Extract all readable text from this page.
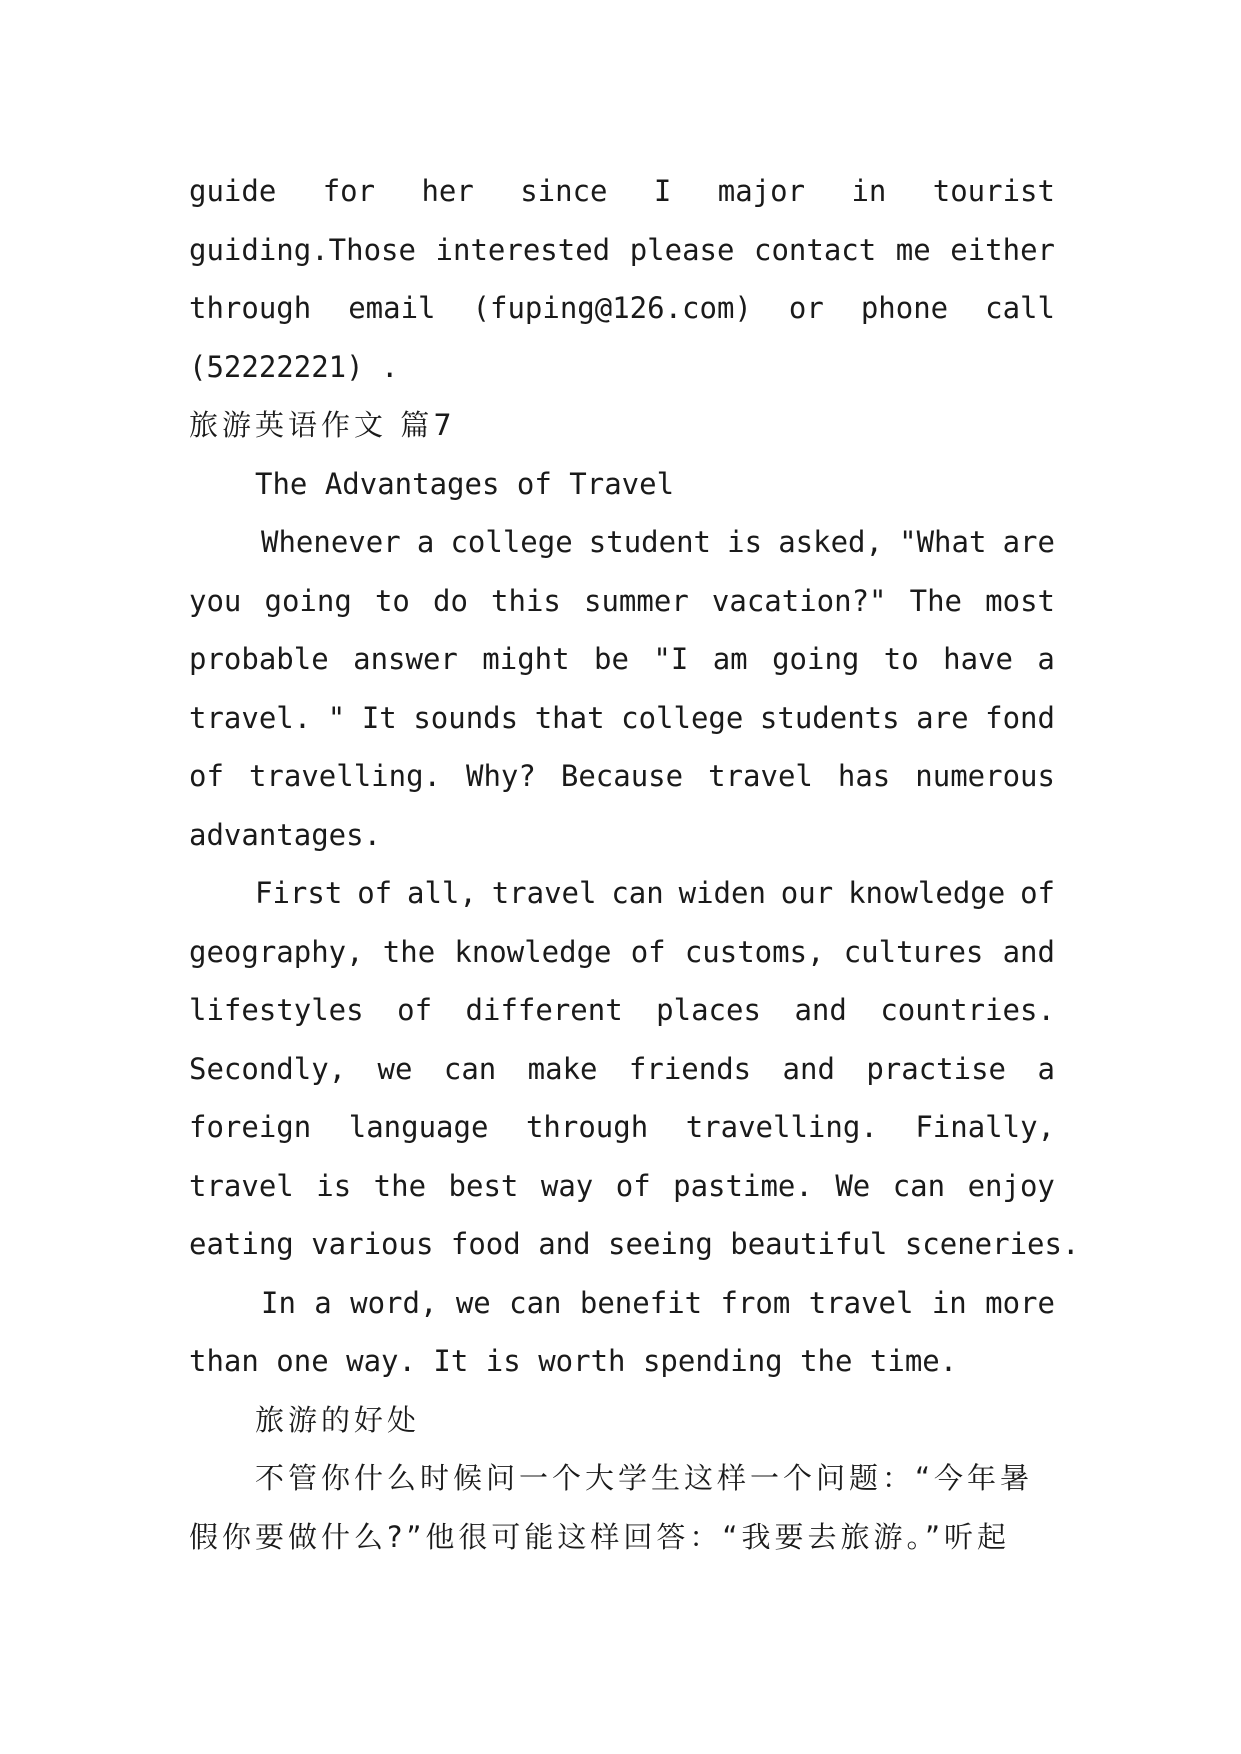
guide for her since I major in tourist
guiding.Those interested please contact me either
through email (fuping@126.com) or phone call
(52222221) .
旅游英语作文 篇7
The Advantages of Travel
Whenever a college student is asked, "What are
you going to do this summer vacation?" The most
probable answer might be "I am going to have a
travel. " It sounds that college students are fond
of travelling. Why? Because travel has numerous
advantages.
First of all, travel can widen our knowledge of
geography, the knowledge of customs, cultures and
lifestyles of different places and countries.
Secondly, we can make friends and practise a
foreign language through travelling. Finally,
travel is the best way of pastime. We can enjoy
eating various food and seeing beautiful sceneries.
In a word, we can benefit from travel in more
than one way. It is worth spending the time.
旅游的好处
不管你什么时候问一个大学生这样一个问题：“今年暑
假你要做什么?”他很可能这样回答：“我要去旅游。”听起
